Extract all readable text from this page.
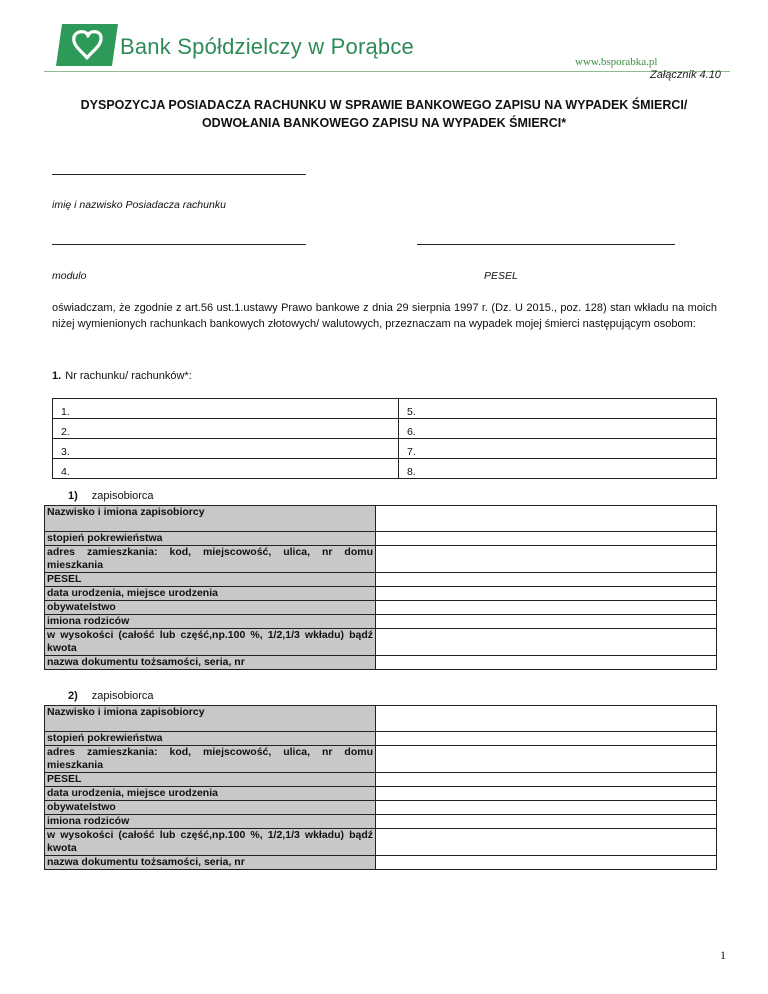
Bank Spółdzielczy w Porąbce
www.bsporabka.pl
Załącznik 4.10
DYSPOZYCJA POSIADACZA RACHUNKU W SPRAWIE BANKOWEGO ZAPISU NA WYPADEK ŚMIERCI/
ODWOŁANIA BANKOWEGO ZAPISU NA WYPADEK ŚMIERCI*
imię i nazwisko Posiadacza rachunku
modulo	PESEL
oświadczam, że zgodnie z art.56 ust.1.ustawy Prawo bankowe z dnia 29 sierpnia 1997 r. (Dz. U 2015., poz. 128) stan wkładu na moich niżej wymienionych rachunkach bankowych złotowych/ walutowych, przeznaczam na wypadek mojej śmierci następującym osobom:
1. Nr rachunku/ rachunków*:
1.	5.
2.	6.
3.	7.
4.	8.
1) zapisobiorca
Nazwisko i imiona zapisobiorcy	
stopień pokrewieństwa	
adres zamieszkania: kod, miejscowość, ulica, nr domu mieszkania	
PESEL	
data urodzenia, miejsce urodzenia	
obywatelstwo	
imiona rodziców	
w wysokości (całość lub część,np.100 %, 1/2,1/3 wkładu) bądź kwota	
nazwa dokumentu tożsamości, seria, nr	
2) zapisobiorca
Nazwisko i imiona zapisobiorcy	
stopień pokrewieństwa	
adres zamieszkania: kod, miejscowość, ulica, nr domu mieszkania	
PESEL	
data urodzenia, miejsce urodzenia	
obywatelstwo	
imiona rodziców	
w wysokości (całość lub część,np.100 %, 1/2,1/3 wkładu) bądź kwota	
nazwa dokumentu tożsamości, seria, nr	
1
